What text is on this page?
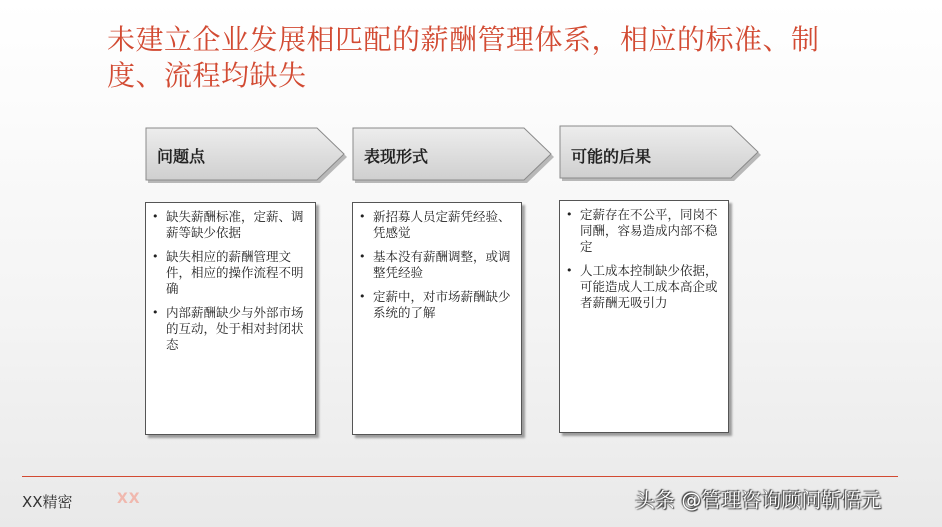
未建立企业发展相匹配的薪酬管理体系，相应的标准、制度、流程均缺失
问题点	表现形式	可能的后果
• 缺失薪酬标准，定薪、调薪等缺少依据
• 缺失相应的薪酬管理文件，相应的操作流程不明确
• 内部薪酬缺少与外部市场的互动，处于相对封闭状态
• 新招募人员定薪凭经验、凭感觉
• 基本没有薪酬调整，或调整凭经验
• 定薪中，对市场薪酬缺少系统的了解
• 定薪存在不公平，同岗不同酬，容易造成内部不稳定
• 人工成本控制缺少依据，可能造成人工成本高企或者薪酬无吸引力
XX精密	XX	头条 @管理咨询顾问靳悟元
